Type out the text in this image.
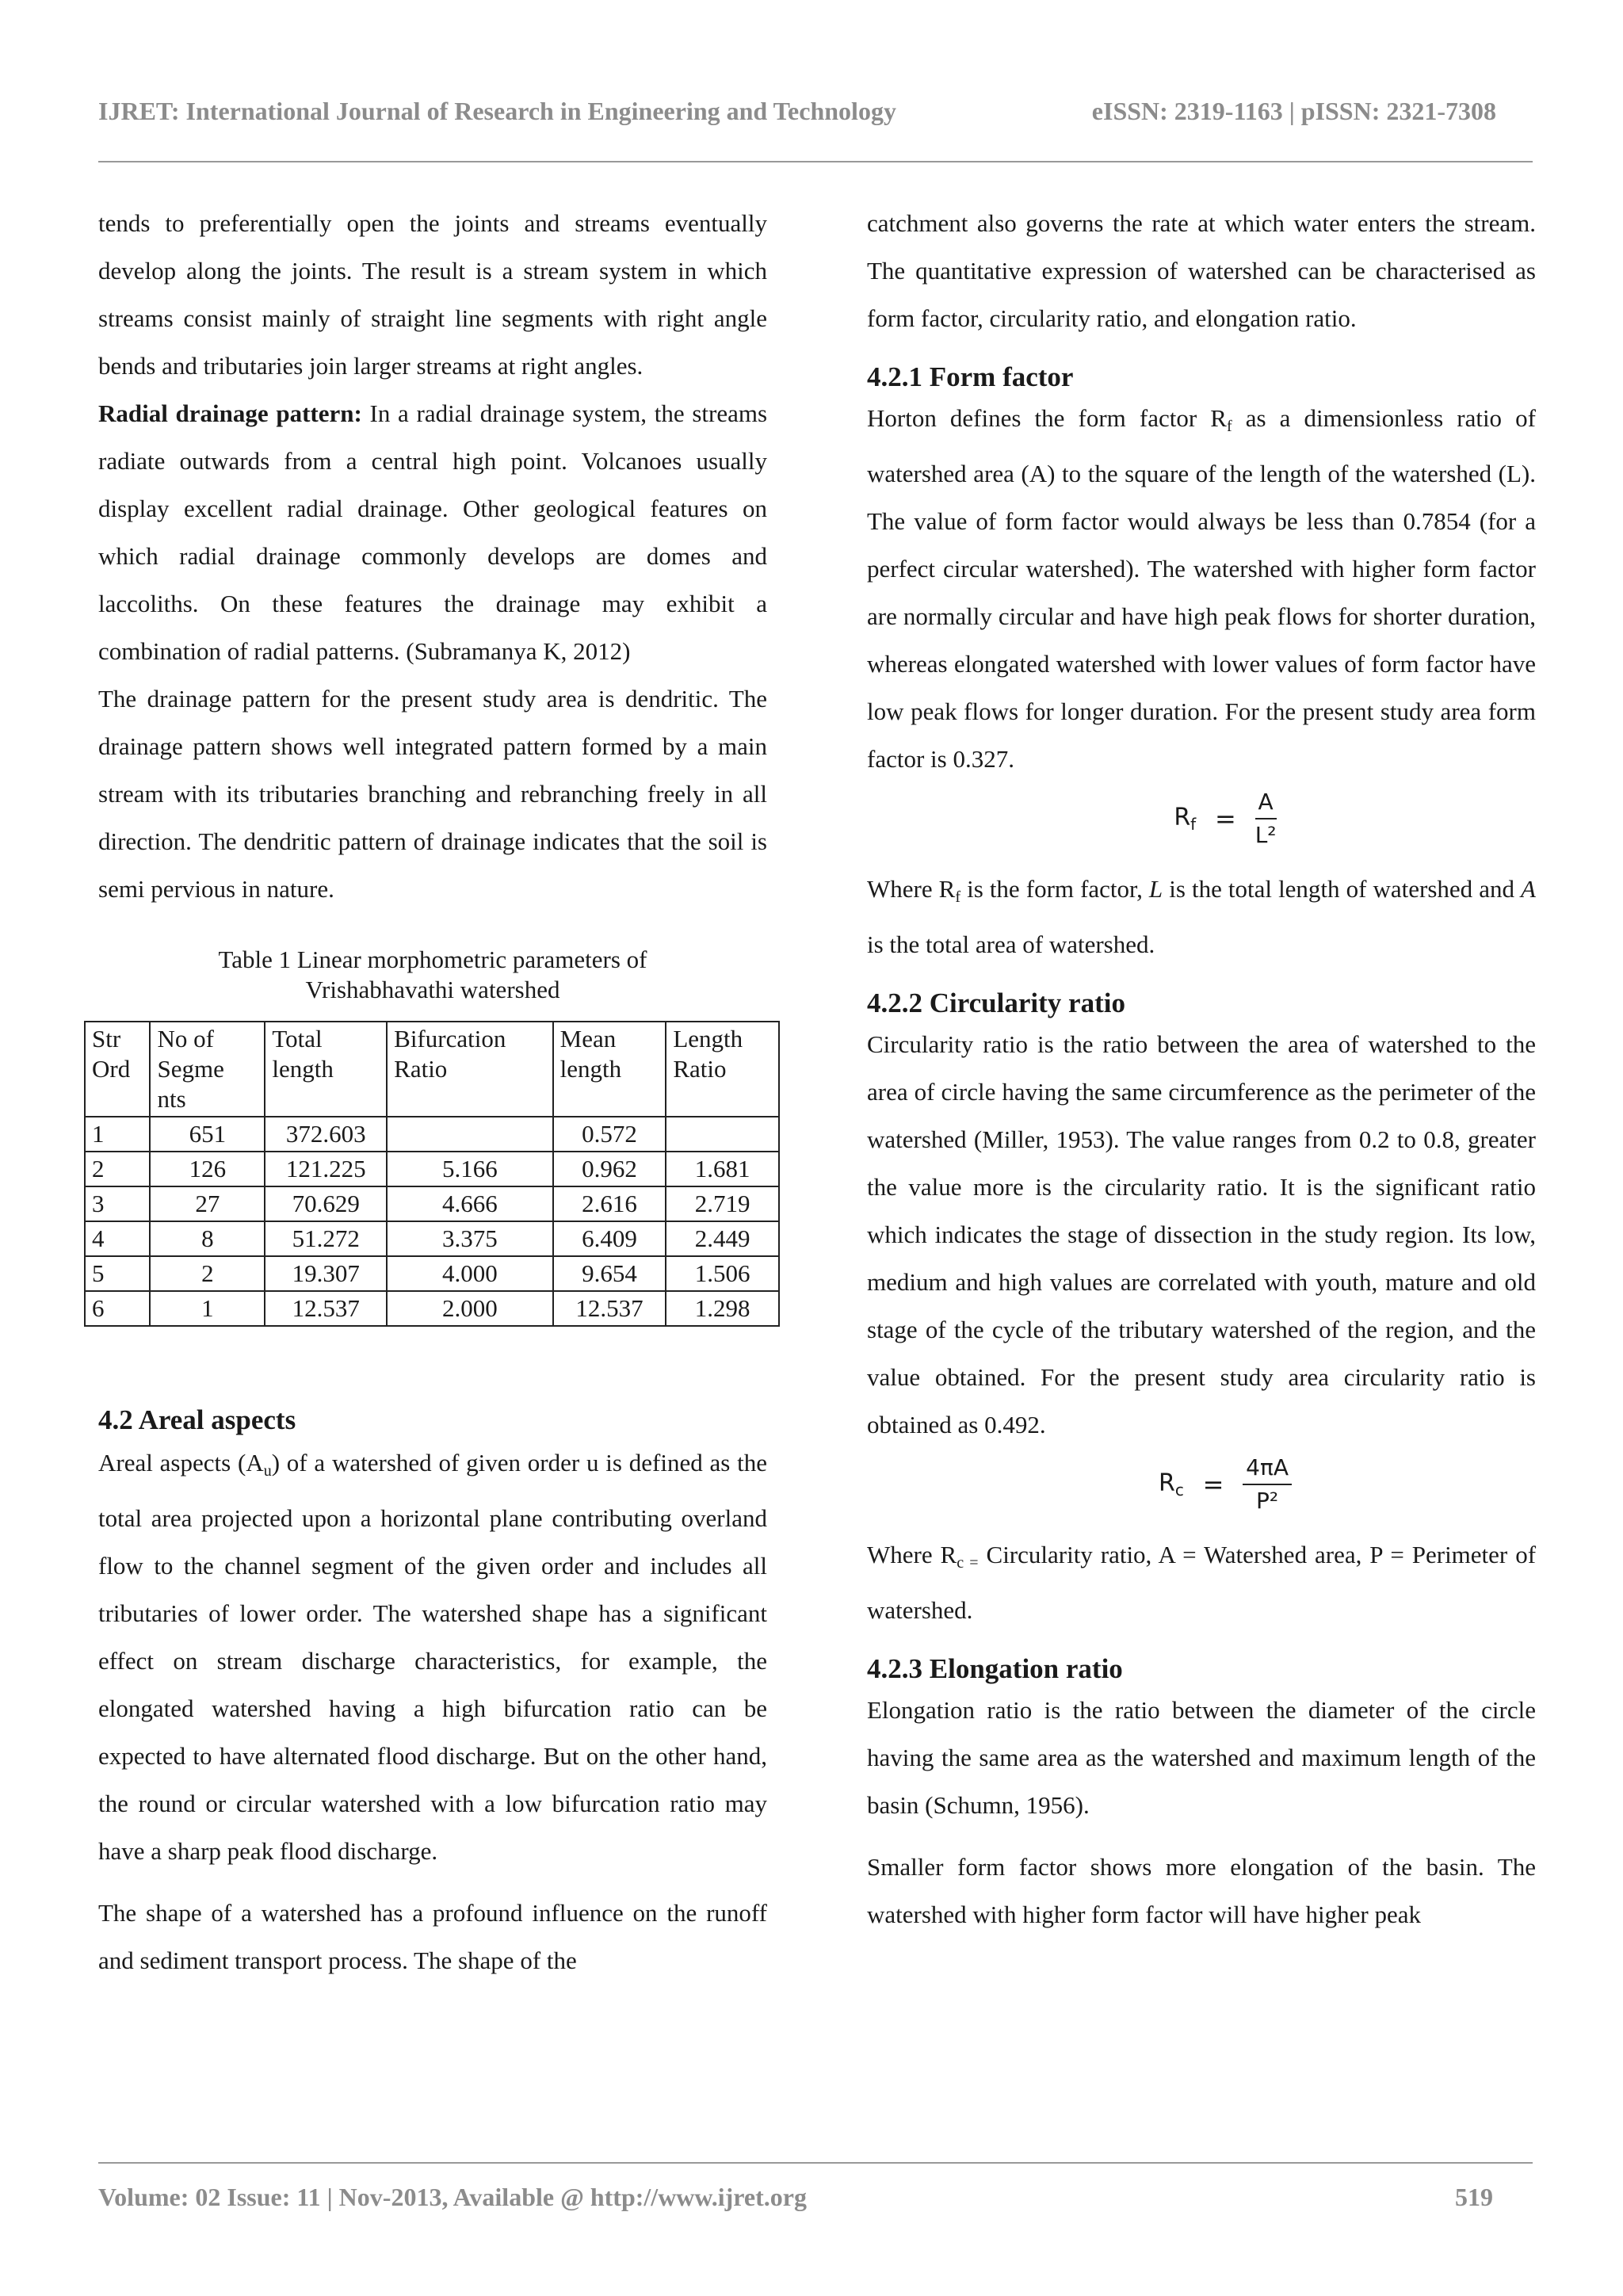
IJRET: International Journal of Research in Engineering and Technology	eISSN: 2319-1163 | pISSN: 2321-7308

tends to preferentially open the joints and streams eventually develop along the joints. The result is a stream system in which streams consist mainly of straight line segments with right angle bends and tributaries join larger streams at right angles.

Radial drainage pattern: In a radial drainage system, the streams radiate outwards from a central high point. Volcanoes usually display excellent radial drainage. Other geological features on which radial drainage commonly develops are domes and laccoliths. On these features the drainage may exhibit a combination of radial patterns. (Subramanya K, 2012)

The drainage pattern for the present study area is dendritic. The drainage pattern shows well integrated pattern formed by a main stream with its tributaries branching and rebranching freely in all direction. The dendritic pattern of drainage indicates that the soil is semi pervious in nature.

Table 1 Linear morphometric parameters of

Vrishabhavathi watershed

Str Ord	No of Segme nts	Total length	Bifurcation Ratio	Mean length	Length Ratio
1	651	372.603		0.572	
2	126	121.225	5.166	0.962	1.681
3	27	70.629	4.666	2.616	2.719
4	8	51.272	3.375	6.409	2.449
5	2	19.307	4.000	9.654	1.506
6	1	12.537	2.000	12.537	1.298
4.2 Areal aspects

Areal aspects $(A_u)$ of a watershed of given order u is defined as the total area projected upon a horizontal plane contributing overland flow to the channel segment of the given order and includes all tributaries of lower order. The watershed shape has a significant effect on stream discharge characteristics, for example, the elongated watershed having a high bifurcation ratio can be expected to have alternated flood discharge. But on the other hand, the round or circular watershed with a low bifurcation ratio may have a sharp peak flood discharge.

The shape of a watershed has a profound influence on the runoff and sediment transport process. The shape of the

catchment also governs the rate at which water enters the stream. The quantitative expression of watershed can be characterised as form factor, circularity ratio, and elongation ratio.

4.2.1 Form factor

Horton defines the form factor $R_f$ as a dimensionless ratio of watershed area (A) to the square of the length of the watershed (L). The value of form factor would always be less than 0.7854 (for a perfect circular watershed). The watershed with higher form factor are normally circular and have high peak flows for shorter duration, whereas elongated watershed with lower values of form factor have low peak flows for longer duration. For the present study area form factor is 0.327.

$R_f = \frac{A}{\text{L²}}$

Where $R_f$ is the form factor, L is the total length of watershed and A is the total area of watershed.

4.2.2 Circularity ratio

Circularity ratio is the ratio between the area of watershed to the area of circle having the same circumference as the perimeter of the watershed (Miller, 1953). The value ranges from 0.2 to 0.8, greater the value more is the circularity ratio. It is the significant ratio which indicates the stage of dissection in the study region. Its low, medium and high values are correlated with youth, mature and old stage of the cycle of the tributary watershed of the region, and the value obtained. For the present study area circularity ratio is obtained as 0.492.

$R_c = \frac{4\pi A}{\text{P²}}$

Where $R_{c =}$ Circularity ratio, A = Watershed area, P = Perimeter of watershed.

4.2.3 Elongation ratio

Elongation ratio is the ratio between the diameter of the circle having the same area as the watershed and maximum length of the basin (Schumn, 1956).

Smaller form factor shows more elongation of the basin. The watershed with higher form factor will have higher peak

Volume: 02 Issue: 11 | Nov-2013, Available @ http://www.ijret.org	519
